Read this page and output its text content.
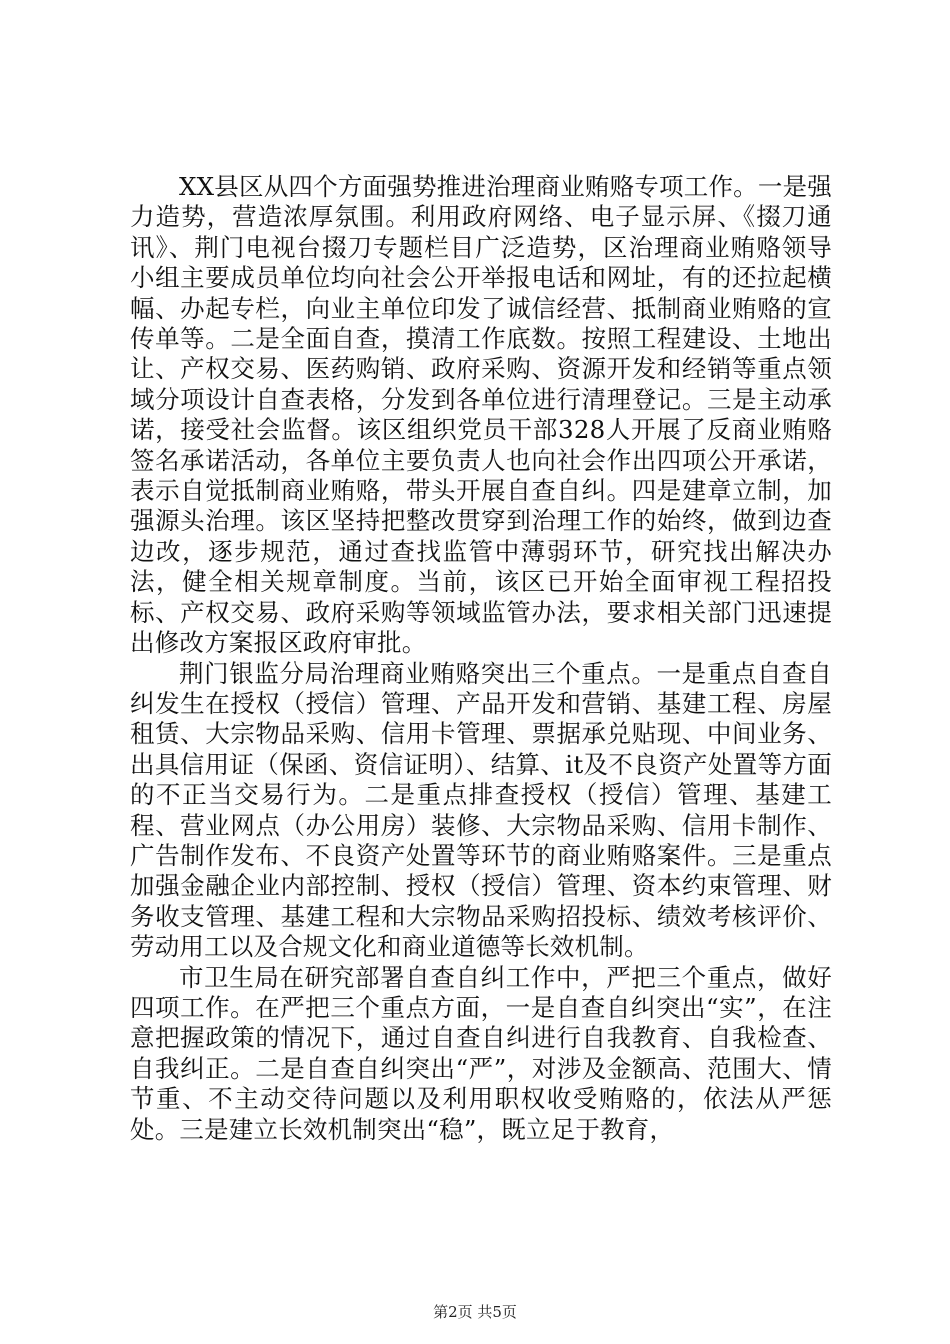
XX县区从四个方面强势推进治理商业贿赂专项工作。一是强力造势，营造浓厚氛围。利用政府网络、电子显示屏、《掇刀通讯》、荆门电视台掇刀专题栏目广泛造势，区治理商业贿赂领导小组主要成员单位均向社会公开举报电话和网址，有的还拉起横幅、办起专栏，向业主单位印发了诚信经营、抵制商业贿赂的宣传单等。二是全面自查，摸清工作底数。按照工程建设、土地出让、产权交易、医药购销、政府采购、资源开发和经销等重点领域分项设计自查表格，分发到各单位进行清理登记。三是主动承诺，接受社会监督。该区组织党员干部328人开展了反商业贿赂签名承诺活动，各单位主要负责人也向社会作出四项公开承诺，表示自觉抵制商业贿赂，带头开展自查自纠。四是建章立制，加强源头治理。该区坚持把整改贯穿到治理工作的始终，做到边查边改，逐步规范，通过查找监管中薄弱环节，研究找出解决办法，健全相关规章制度。当前，该区已开始全面审视工程招投标、产权交易、政府采购等领域监管办法，要求相关部门迅速提出修改方案报区政府审批。

荆门银监分局治理商业贿赂突出三个重点。一是重点自查自纠发生在授权（授信）管理、产品开发和营销、基建工程、房屋租赁、大宗物品采购、信用卡管理、票据承兑贴现、中间业务、出具信用证（保函、资信证明）、结算、it及不良资产处置等方面的不正当交易行为。二是重点排查授权（授信）管理、基建工程、营业网点（办公用房）装修、大宗物品采购、信用卡制作、广告制作发布、不良资产处置等环节的商业贿赂案件。三是重点加强金融企业内部控制、授权（授信）管理、资本约束管理、财务收支管理、基建工程和大宗物品采购招投标、绩效考核评价、劳动用工以及合规文化和商业道德等长效机制。

市卫生局在研究部署自查自纠工作中，严把三个重点，做好四项工作。在严把三个重点方面，一是自查自纠突出“实”，在注意把握政策的情况下，通过自查自纠进行自我教育、自我检查、自我纠正。二是自查自纠突出“严”，对涉及金额高、范围大、情节重、不主动交待问题以及利用职权收受贿赂的，依法从严惩处。三是建立长效机制突出“稳”，既立足于教育，

第2页 共5页
